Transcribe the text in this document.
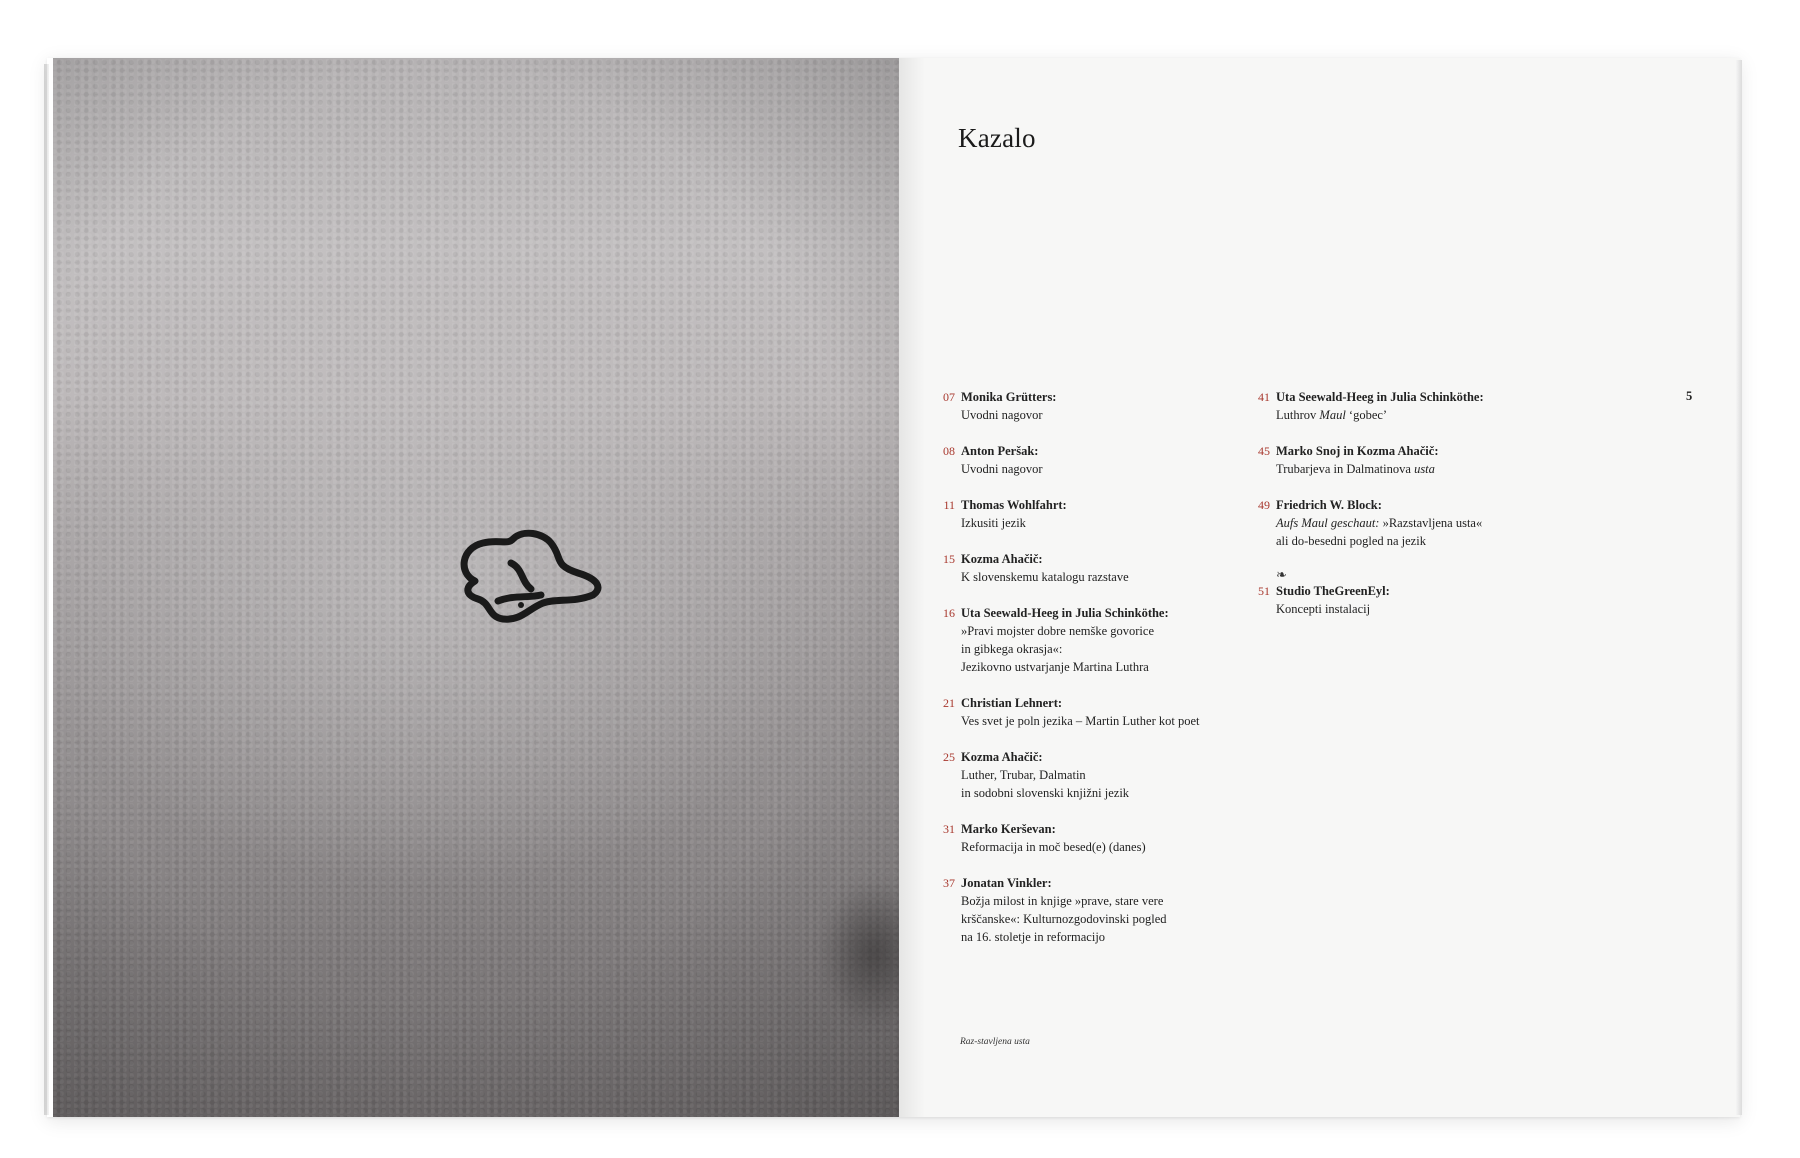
Kazalo
07 Monika Grütters:
Uvodni nagovor
08 Anton Peršak:
Uvodni nagovor
11 Thomas Wohlfahrt:
Izkusiti jezik
15 Kozma Ahačič:
K slovenskemu katalogu razstave
16 Uta Seewald-Heeg in Julia Schinköthe:
»Pravi mojster dobre nemške govorice
in gibkega okrasja«:
Jezikovno ustvarjanje Martina Luthra
21 Christian Lehnert:
Ves svet je poln jezika – Martin Luther kot poet
25 Kozma Ahačič:
Luther, Trubar, Dalmatin
in sodobni slovenski knjižni jezik
31 Marko Kerševan:
Reformacija in moč besed(e) (danes)
37 Jonatan Vinkler:
Božja milost in knjige »prave, stare vere
krščanske«: Kulturnozgodovinski pogled
na 16. stoletje in reformacijo
41 Uta Seewald-Heeg in Julia Schinköthe:
Luthrov Maul ‘gobec’
45 Marko Snoj in Kozma Ahačič:
Trubarjeva in Dalmatinova usta
49 Friedrich W. Block:
Aufs Maul geschaut: »Razstavljena usta«
ali do-besedni pogled na jezik
❧
51 Studio TheGreenEyl:
Koncepti instalacij
5
Raz-stavljena usta
